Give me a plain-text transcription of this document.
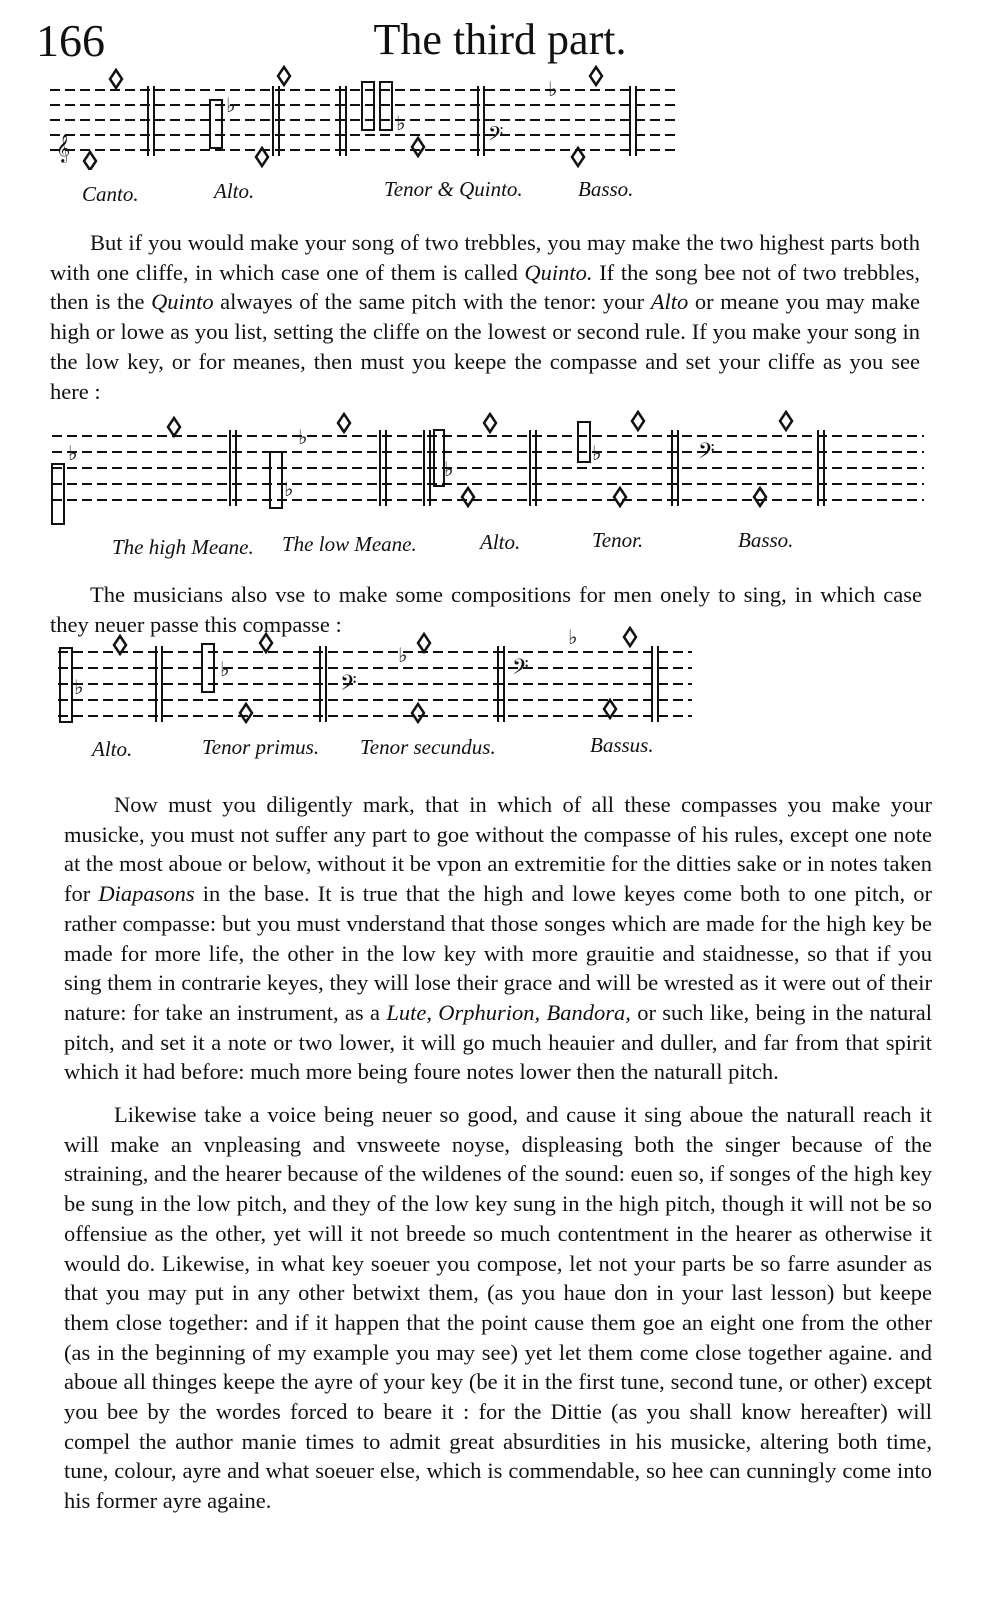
166	The third part.
𝄞	𝄢
♭
♭
♭
Canto.	Alto.	Tenor & Quinto.	Basso.
But if you would make your song of two trebbles, you may make the two highest parts both with one cliffe, in which case one of them is called Quinto. If the song bee not of two trebbles, then is the Quinto alwayes of the same pitch with the tenor: your Alto or meane you may make high or lowe as you list, setting the cliffe on the lowest or second rule. If you make your song in the low key, or for meanes, then must you keepe the compasse and set your cliffe as you see here :
♭
♭
♭
♭
♭	𝄢
The high Meane. The low Meane.	Alto.	Tenor.	Basso.
The musicians also vse to make some compositions for men onely to sing, in which case they neuer passe this compasse :
♭
♭
♭
♭
𝄢
𝄢
Alto.	Tenor primus. Tenor secundus.	Bassus.
Now must you diligently mark, that in which of all these compasses you make your musicke, you must not suffer any part to goe without the compasse of his rules, except one note at the most aboue or below, without it be vpon an extremitie for the ditties sake or in notes taken for Diapasons in the base. It is true that the high and lowe keyes come both to one pitch, or rather compasse: but you must vnderstand that those songes which are made for the high key be made for more life, the other in the low key with more grauitie and staidnesse, so that if you sing them in contrarie keyes, they will lose their grace and will be wrested as it were out of their nature: for take an instrument, as a Lute, Orphurion, Bandora, or such like, being in the natural pitch, and set it a note or two lower, it will go much heauier and duller, and far from that spirit which it had before: much more being foure notes lower then the naturall pitch.
Likewise take a voice being neuer so good, and cause it sing aboue the naturall reach it will make an vnpleasing and vnsweete noyse, displeasing both the singer because of the straining, and the hearer because of the wildenes of the sound: euen so, if songes of the high key be sung in the low pitch, and they of the low key sung in the high pitch, though it will not be so offensiue as the other, yet will it not breede so much contentment in the hearer as otherwise it would do. Likewise, in what key soeuer you compose, let not your parts be so farre asunder as that you may put in any other betwixt them, (as you haue don in your last lesson) but keepe them close together: and if it happen that the point cause them goe an eight one from the other (as in the beginning of my example you may see) yet let them come close together againe. and aboue all thinges keepe the ayre of your key (be it in the first tune, second tune, or other) except you bee by the wordes forced to beare it : for the Dittie (as you shall know hereafter) will compel the author manie times to admit great absurdities in his musicke, altering both time, tune, colour, ayre and what soeuer else, which is commendable, so hee can cunningly come into his former ayre againe.
